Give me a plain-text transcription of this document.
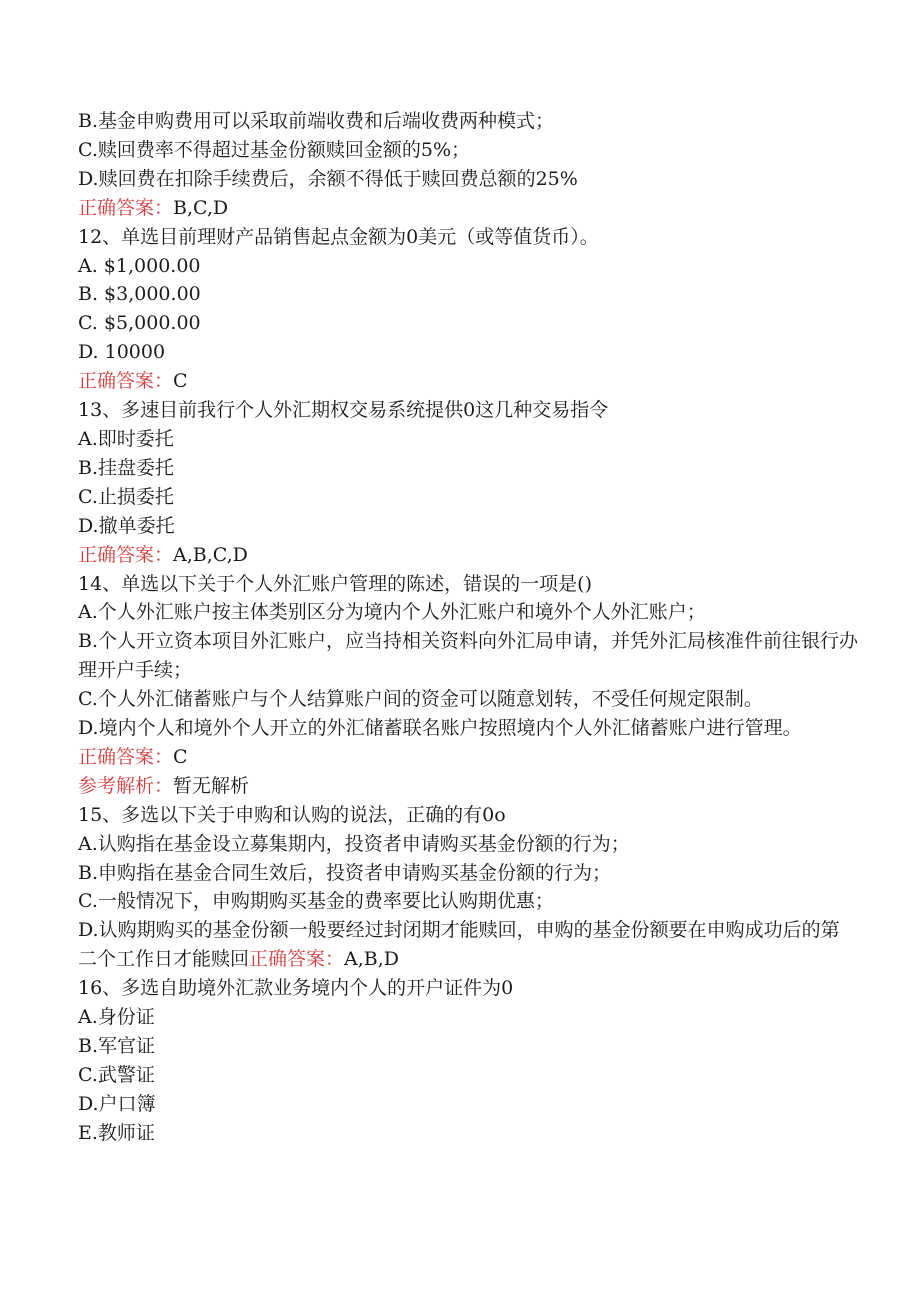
B.基金申购费用可以采取前端收费和后端收费两种模式；
C.赎回费率不得超过基金份额赎回金额的5%；
D.赎回费在扣除手续费后，余额不得低于赎回费总额的25%
正确答案：B,C,D
12、单选目前理财产品销售起点金额为0美元（或等值货币）。
A. $1,000.00
B. $3,000.00
C. $5,000.00
D. 10000
正确答案：C
13、多速目前我行个人外汇期权交易系统提供0这几种交易指令
A.即时委托
B.挂盘委托
C.止损委托
D.撤单委托
正确答案：A,B,C,D
14、单选以下关于个人外汇账户管理的陈述，错误的一项是()
A.个人外汇账户按主体类别区分为境内个人外汇账户和境外个人外汇账户；
B.个人开立资本项目外汇账户，应当持相关资料向外汇局申请，并凭外汇局核准件前往银行办理开户手续；
C.个人外汇储蓄账户与个人结算账户间的资金可以随意划转，不受任何规定限制。
D.境内个人和境外个人开立的外汇储蓄联名账户按照境内个人外汇储蓄账户进行管理。
正确答案：C
参考解析：暂无解析
15、多选以下关于申购和认购的说法，正确的有0o
A.认购指在基金设立募集期内，投资者申请购买基金份额的行为；
B.申购指在基金合同生效后，投资者申请购买基金份额的行为；
C.一般情况下，申购期购买基金的费率要比认购期优惠；
D.认购期购买的基金份额一般要经过封闭期才能赎回，申购的基金份额要在申购成功后的第二个工作日才能赎回正确答案：A,B,D
16、多选自助境外汇款业务境内个人的开户证件为0
A.身份证
B.军官证
C.武警证
D.户口簿
E.教师证
